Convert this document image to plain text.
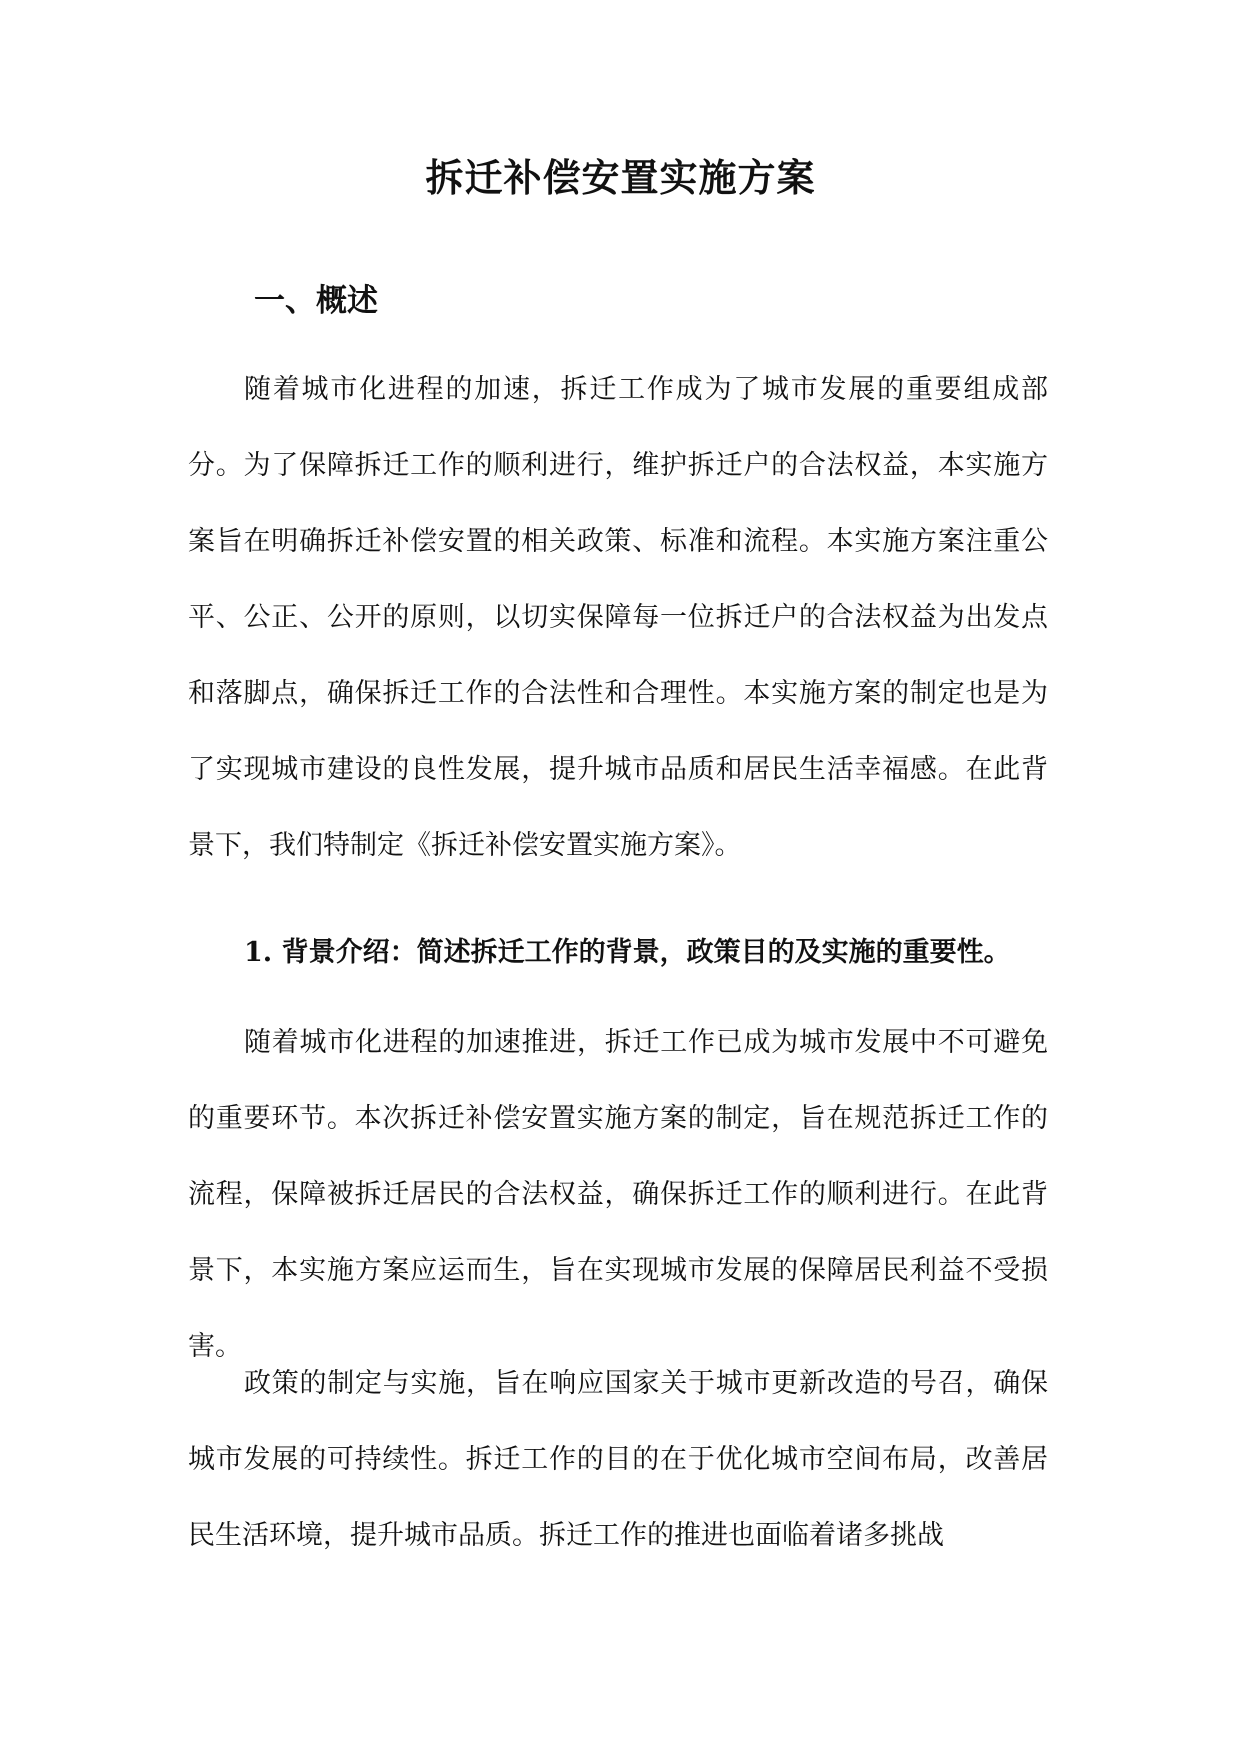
拆迁补偿安置实施方案
一、概述

随着城市化进程的加速，拆迁工作成为了城市发展的重要组成部分。为了保障拆迁工作的顺利进行，维护拆迁户的合法权益，本实施方案旨在明确拆迁补偿安置的相关政策、标准和流程。本实施方案注重公平、公正、公开的原则，以切实保障每一位拆迁户的合法权益为出发点和落脚点，确保拆迁工作的合法性和合理性。本实施方案的制定也是为了实现城市建设的良性发展，提升城市品质和居民生活幸福感。在此背景下，我们特制定《拆迁补偿安置实施方案》。

1. 背景介绍：简述拆迁工作的背景，政策目的及实施的重要性。

随着城市化进程的加速推进，拆迁工作已成为城市发展中不可避免的重要环节。本次拆迁补偿安置实施方案的制定，旨在规范拆迁工作的流程，保障被拆迁居民的合法权益，确保拆迁工作的顺利进行。在此背景下，本实施方案应运而生，旨在实现城市发展的保障居民利益不受损害。

政策的制定与实施，旨在响应国家关于城市更新改造的号召，确保城市发展的可持续性。拆迁工作的目的在于优化城市空间布局，改善居民生活环境，提升城市品质。拆迁工作的推进也面临着诸多挑战
